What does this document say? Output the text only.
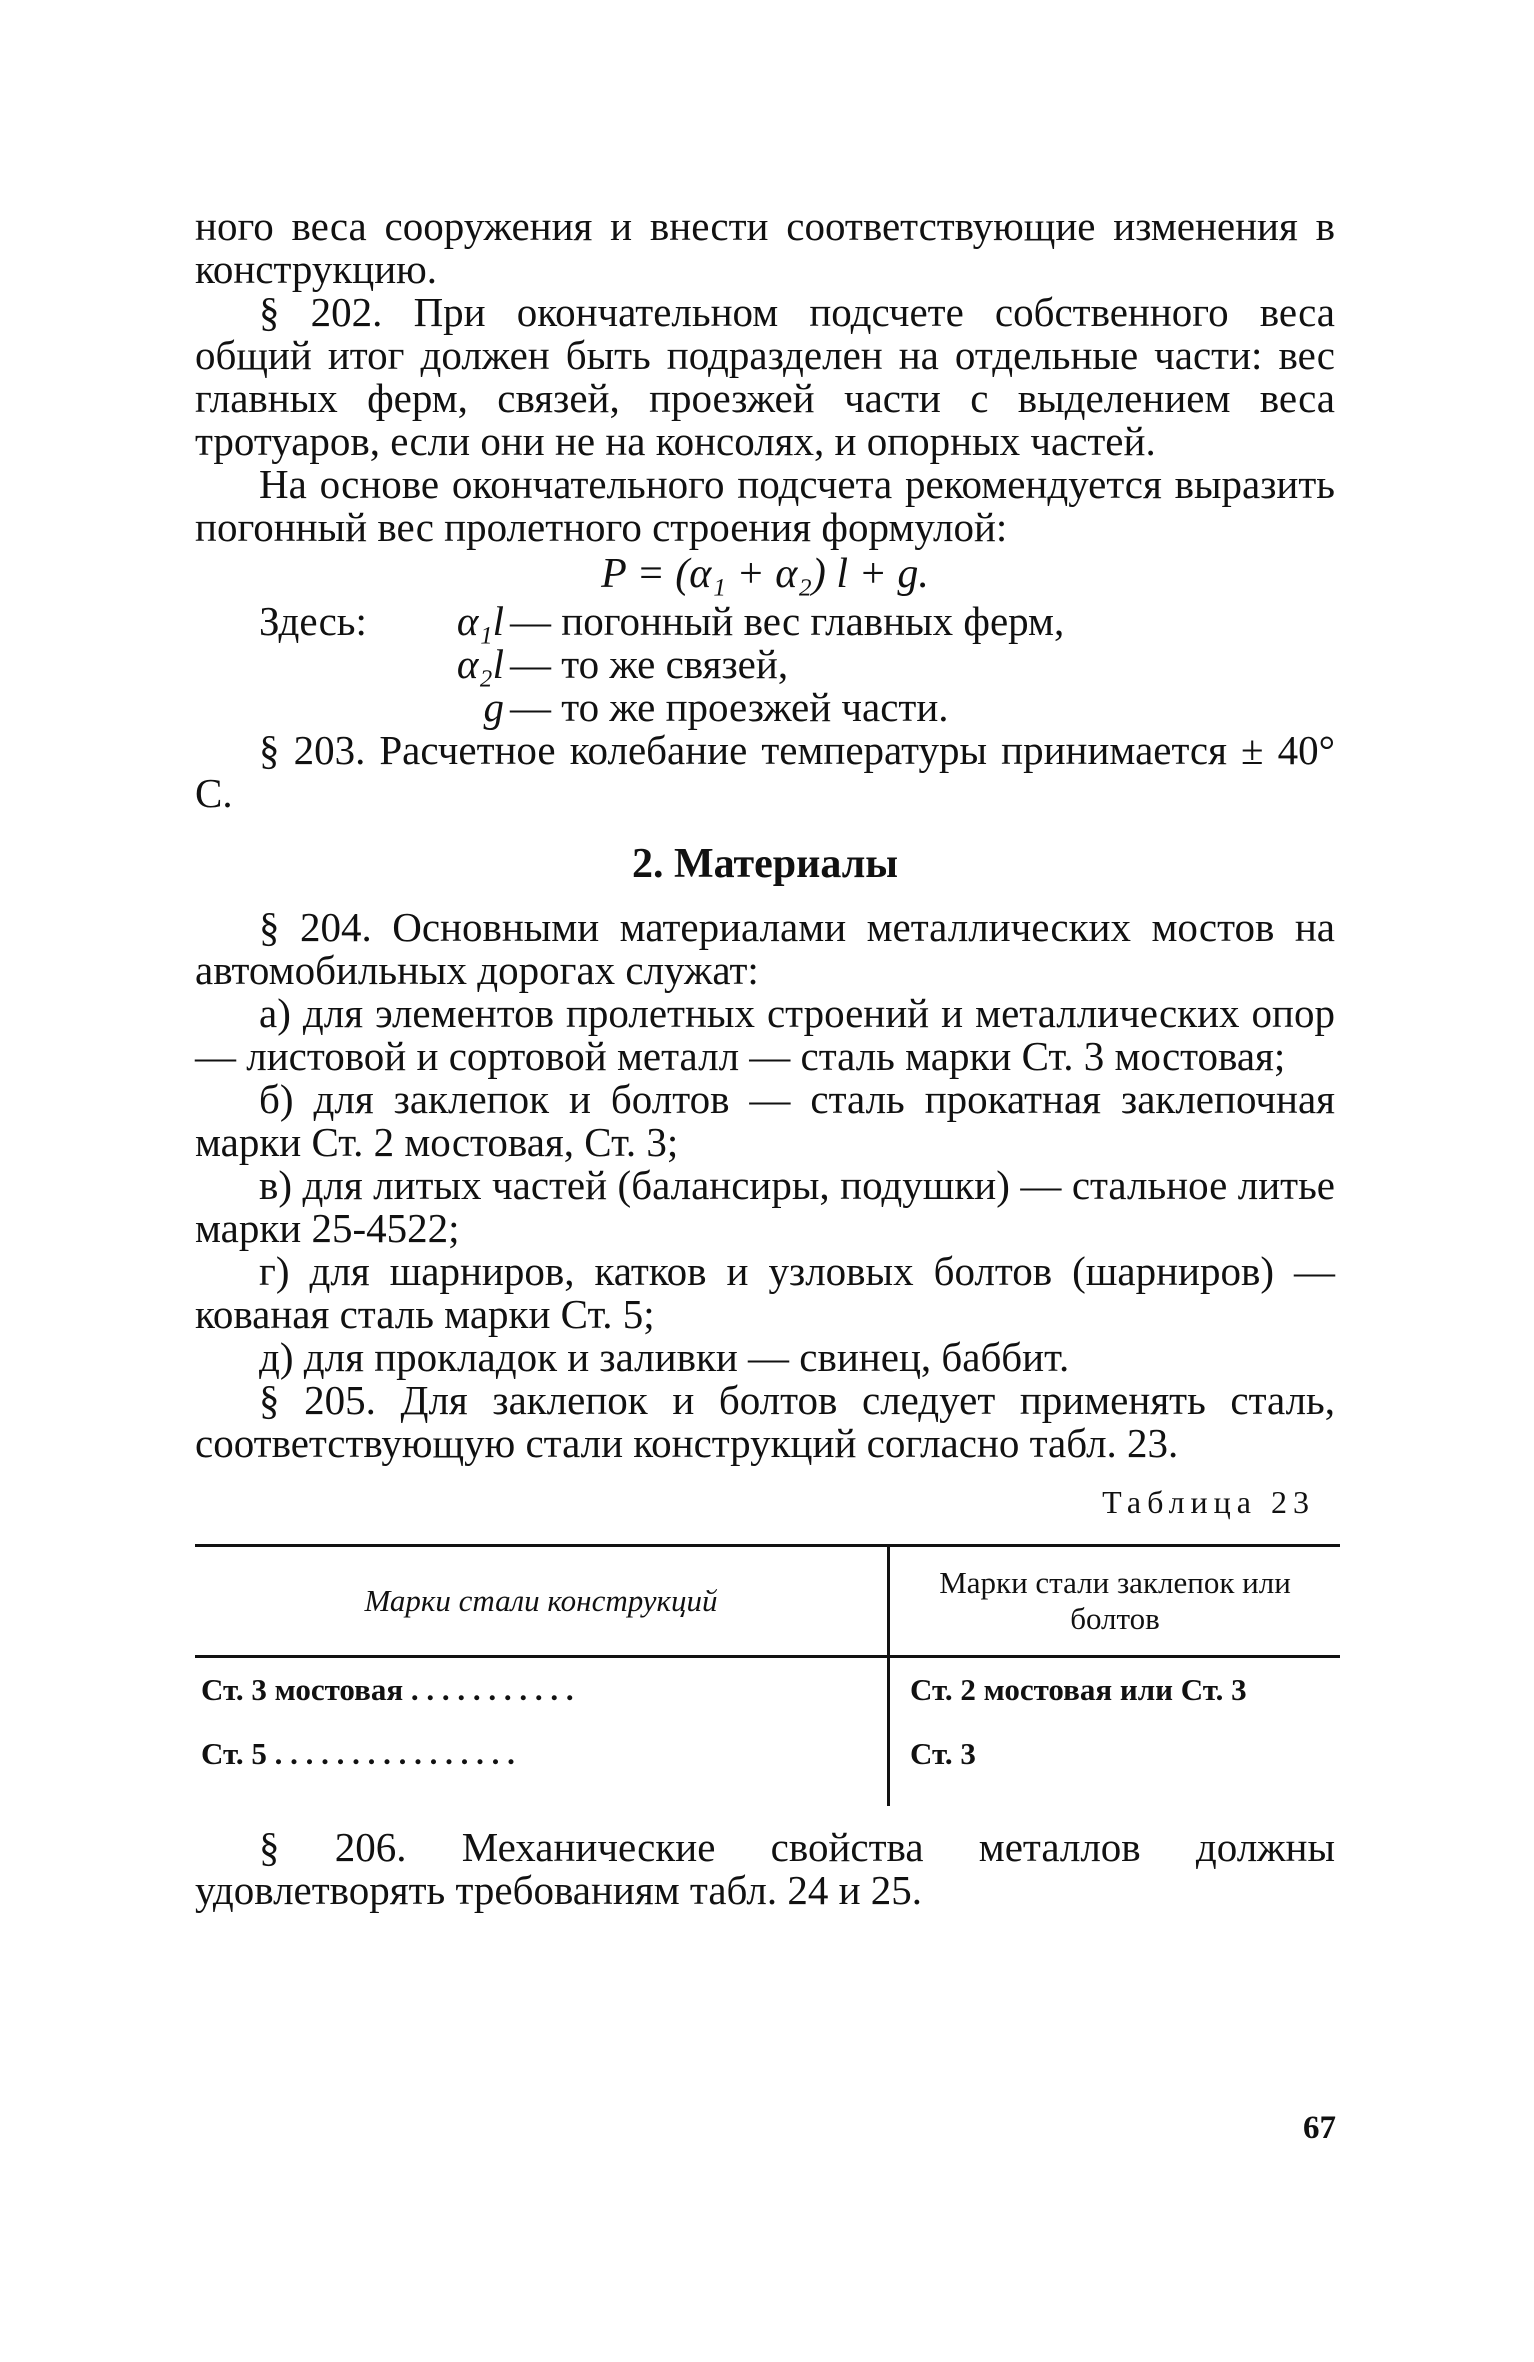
ного веса сооружения и внести соответствующие изменения в конструкцию.

§ 202. При окончательном подсчете собственного веса общий итог должен быть подразделен на отдельные части: вес главных ферм, связей, проезжей части с выделением веса тротуаров, если они не на консолях, и опорных частей.

На основе окончательного подсчета рекомендуется выразить погонный вес пролетного строения формулой:

P = (α₁ + α₂) l + g.
Здесь:	α₁l — погонный вес главных ферм,
α₂l — то же связей,
g — то же проезжей части.

§ 203. Расчетное колебание температуры принимается ± 40° С.

2. Материалы

§ 204. Основными материалами металлических мостов на автомобильных дорогах служат:

а) для элементов пролетных строений и металлических опор — листовой и сортовой металл — сталь марки Ст. 3 мостовая;

б) для заклепок и болтов — сталь прокатная заклепочная марки Ст. 2 мостовая, Ст. 3;

в) для литых частей (балансиры, подушки) — стальное литье марки 25-4522;

г) для шарниров, катков и узловых болтов (шарниров) — кованая сталь марки Ст. 5;

д) для прокладок и заливки — свинец, баббит.

§ 205. Для заклепок и болтов следует применять сталь, соответствующую стали конструкций согласно табл. 23.

Таблица 23
Марки стали конструкций	Марки стали заклепок или болтов
Ст. 3 мостовая . . . . . . . . . . .	Ст. 2 мостовая или Ст. 3
Ст. 5 . . . . . . . . . . . . . . . .	Ст. 3

§ 206. Механические свойства металлов должны удовлетворять требованиям табл. 24 и 25.

67
